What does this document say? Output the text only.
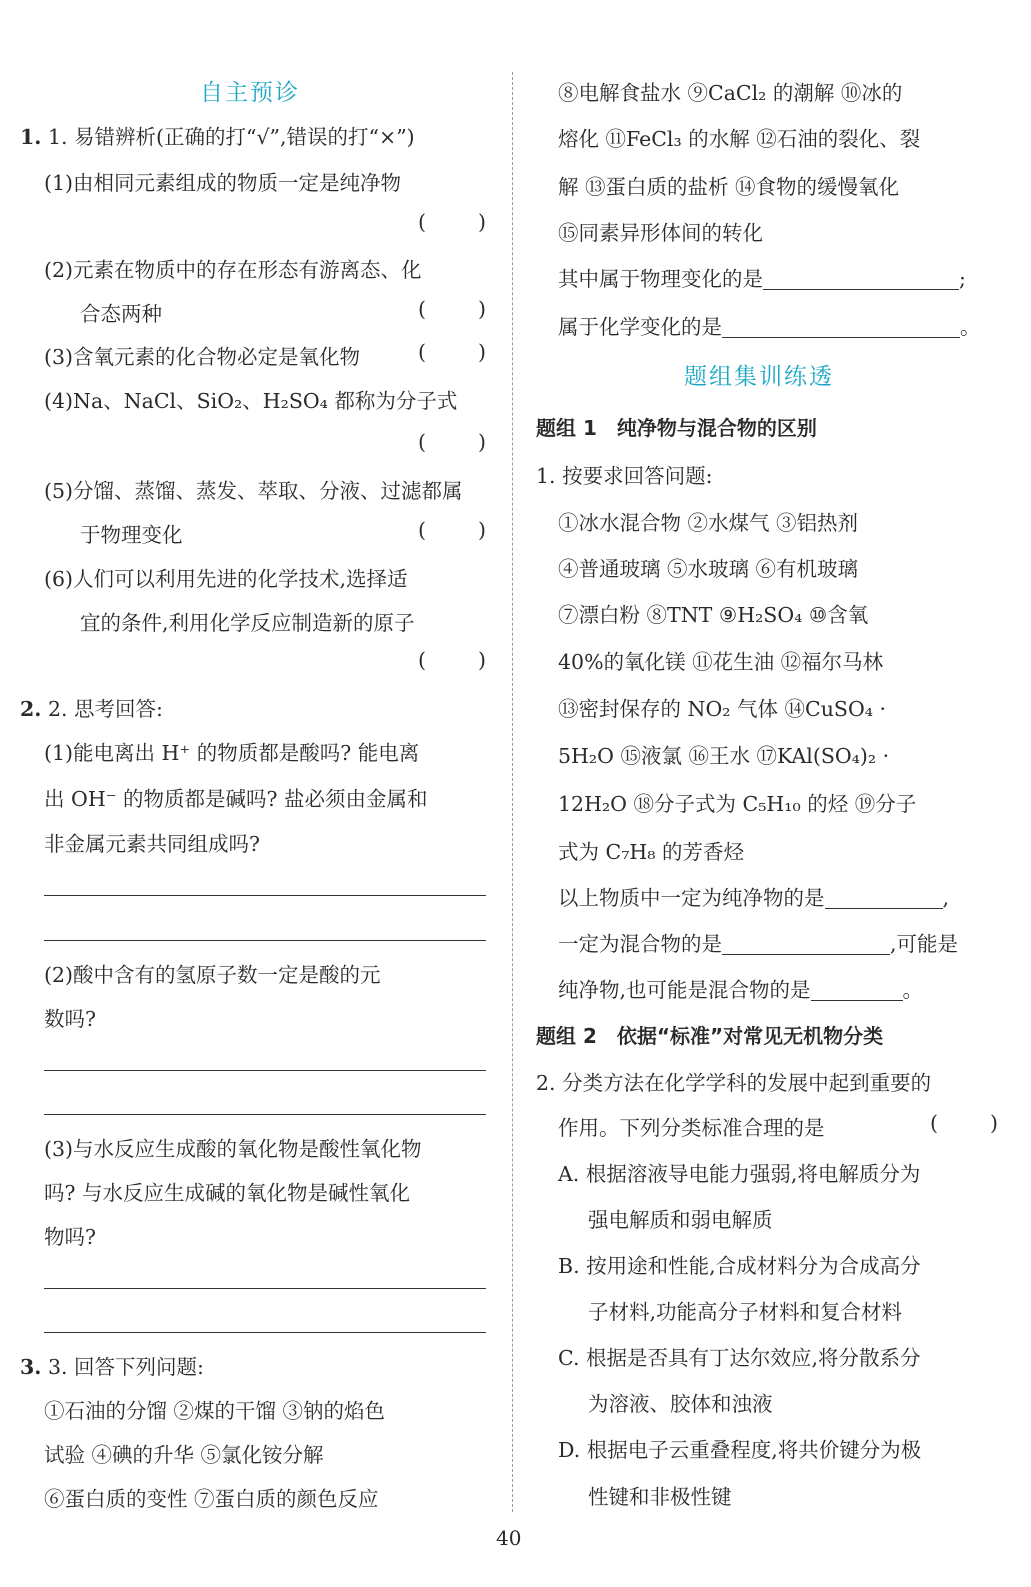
自主预诊
1. 1. 易错辨析(正确的打“√”,错误的打“×”)
(1)由相同元素组成的物质一定是纯净物
(  )
(2)元素在物质中的存在形态有游离态、化
合态两种
(  )
(3)含氧元素的化合物必定是氧化物
(  )
(4)Na、NaCl、SiO₂、H₂SO₄ 都称为分子式
(  )
(5)分馏、蒸馏、蒸发、萃取、分液、过滤都属
于物理变化
(  )
(6)人们可以利用先进的化学技术,选择适
宜的条件,利用化学反应制造新的原子
(  )
2. 2. 思考回答:
(1)能电离出 H⁺ 的物质都是酸吗? 能电离
出 OH⁻ 的物质都是碱吗? 盐必须由金属和
非金属元素共同组成吗?
(2)酸中含有的氢原子数一定是酸的元
数吗?
(3)与水反应生成酸的氧化物是酸性氧化物
吗? 与水反应生成碱的氧化物是碱性氧化
物吗?
3. 3. 回答下列问题:
①石油的分馏 ②煤的干馏 ③钠的焰色
试验 ④碘的升华 ⑤氯化铵分解
⑥蛋白质的变性 ⑦蛋白质的颜色反应
⑧电解食盐水 ⑨CaCl₂ 的潮解 ⑩冰的
熔化 ⑪FeCl₃ 的水解 ⑫石油的裂化、裂
解 ⑬蛋白质的盐析 ⑭食物的缓慢氧化
⑮同素异形体间的转化
其中属于物理变化的是	;
属于化学变化的是	。
题组集训练透
题组 1　纯净物与混合物的区别
1. 按要求回答问题:
①冰水混合物 ②水煤气 ③铝热剂
④普通玻璃 ⑤水玻璃 ⑥有机玻璃
⑦漂白粉 ⑧TNT ⑨H₂SO₄ ⑩含氧
40%的氧化镁 ⑪花生油 ⑫福尔马林
⑬密封保存的 NO₂ 气体 ⑭CuSO₄ ·
5H₂O ⑮液氯 ⑯王水 ⑰KAl(SO₄)₂ ·
12H₂O ⑱分子式为 C₅H₁₀ 的烃 ⑲分子
式为 C₇H₈ 的芳香烃
以上物质中一定为纯净物的是	,
一定为混合物的是	,可能是
纯净物,也可能是混合物的是	。
题组 2　依据“标准”对常见无机物分类
2. 分类方法在化学学科的发展中起到重要的
作用。下列分类标准合理的是
(  )
A. 根据溶液导电能力强弱,将电解质分为
强电解质和弱电解质
B. 按用途和性能,合成材料分为合成高分
子材料,功能高分子材料和复合材料
C. 根据是否具有丁达尔效应,将分散系分
为溶液、胶体和浊液
D. 根据电子云重叠程度,将共价键分为极
性键和非极性键
40
